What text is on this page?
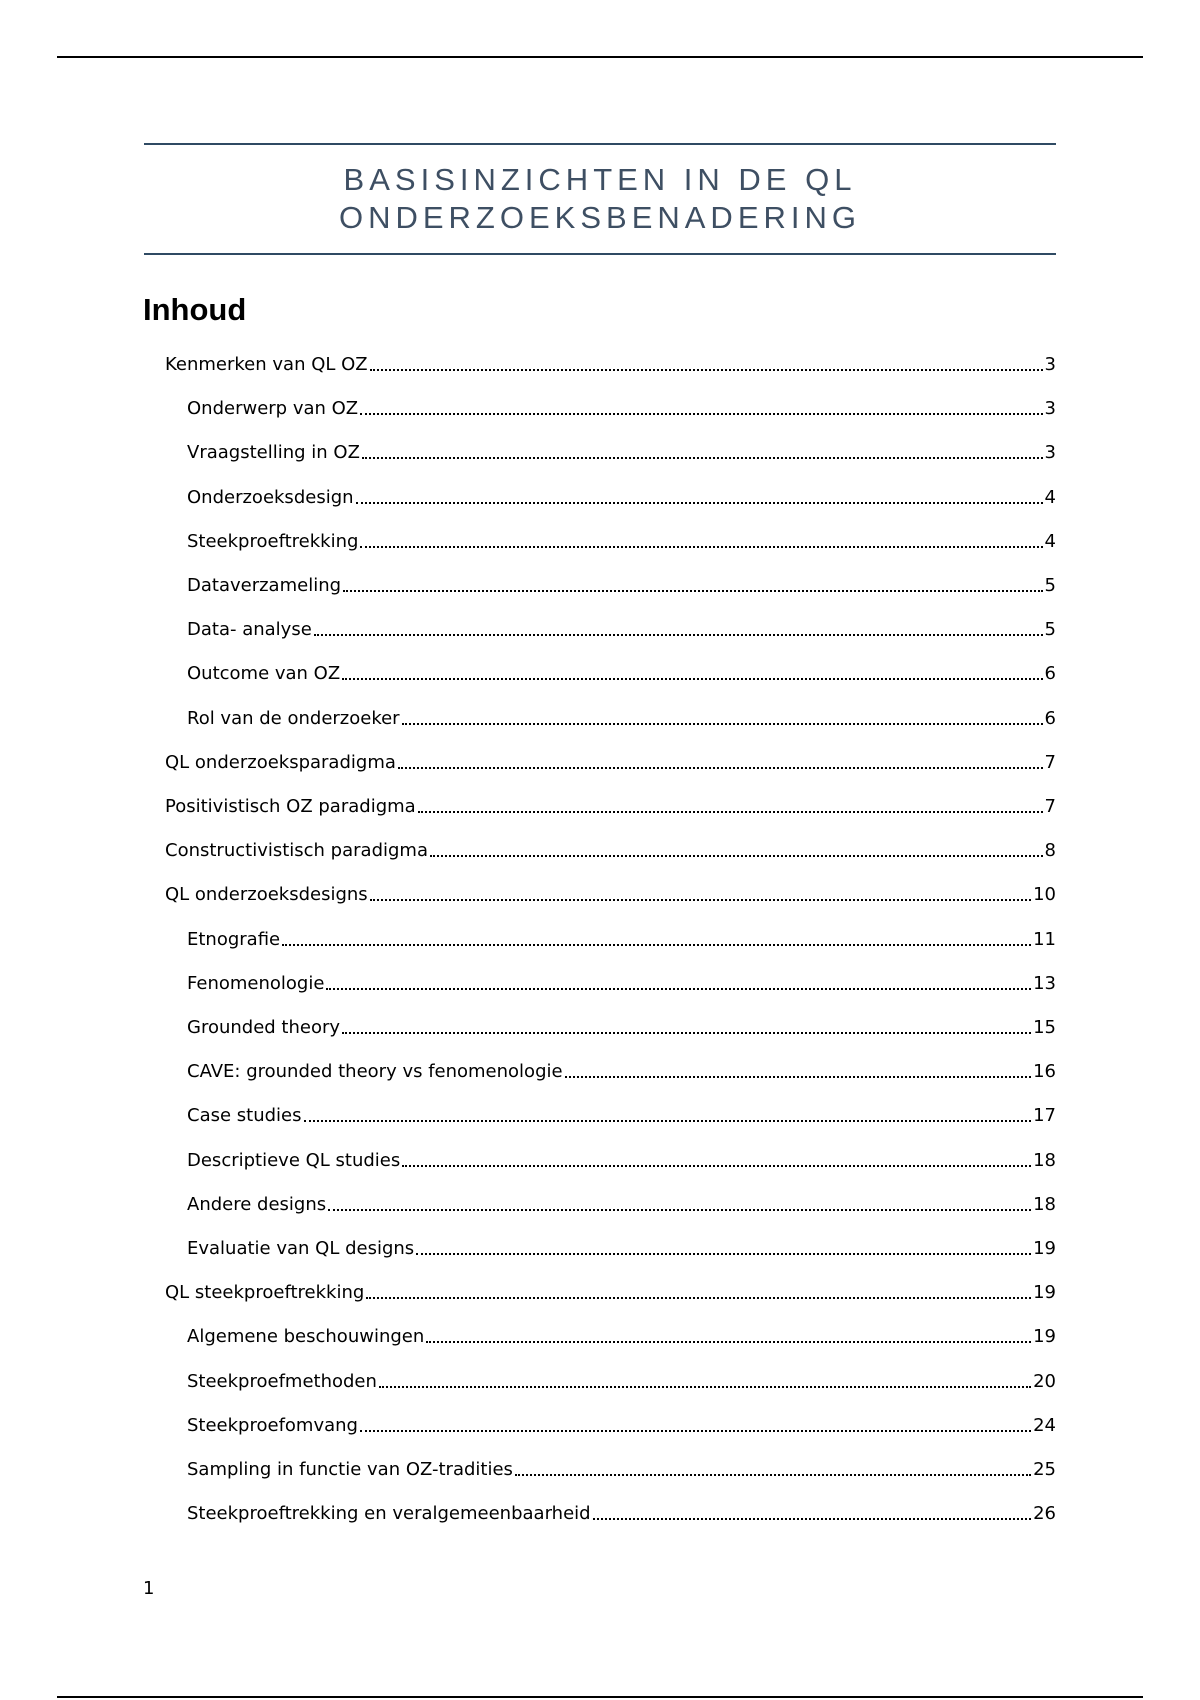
BASISINZICHTEN IN DE QL
ONDERZOEKSBENADERING
Inhoud
Kenmerken van QL OZ	3
Onderwerp van OZ	3
Vraagstelling in OZ	3
Onderzoeksdesign	4
Steekproeftrekking	4
Dataverzameling	5
Data- analyse	5
Outcome van OZ	6
Rol van de onderzoeker	6
QL onderzoeksparadigma	7
Positivistisch OZ paradigma	7
Constructivistisch paradigma	8
QL onderzoeksdesigns	10
Etnografie	11
Fenomenologie	13
Grounded theory	15
CAVE: grounded theory vs fenomenologie	16
Case studies	17
Descriptieve QL studies	18
Andere designs	18
Evaluatie van QL designs	19
QL steekproeftrekking	19
Algemene beschouwingen	19
Steekproefmethoden	20
Steekproefomvang	24
Sampling in functie van OZ-tradities	25
Steekproeftrekking en veralgemeenbaarheid	26
1
